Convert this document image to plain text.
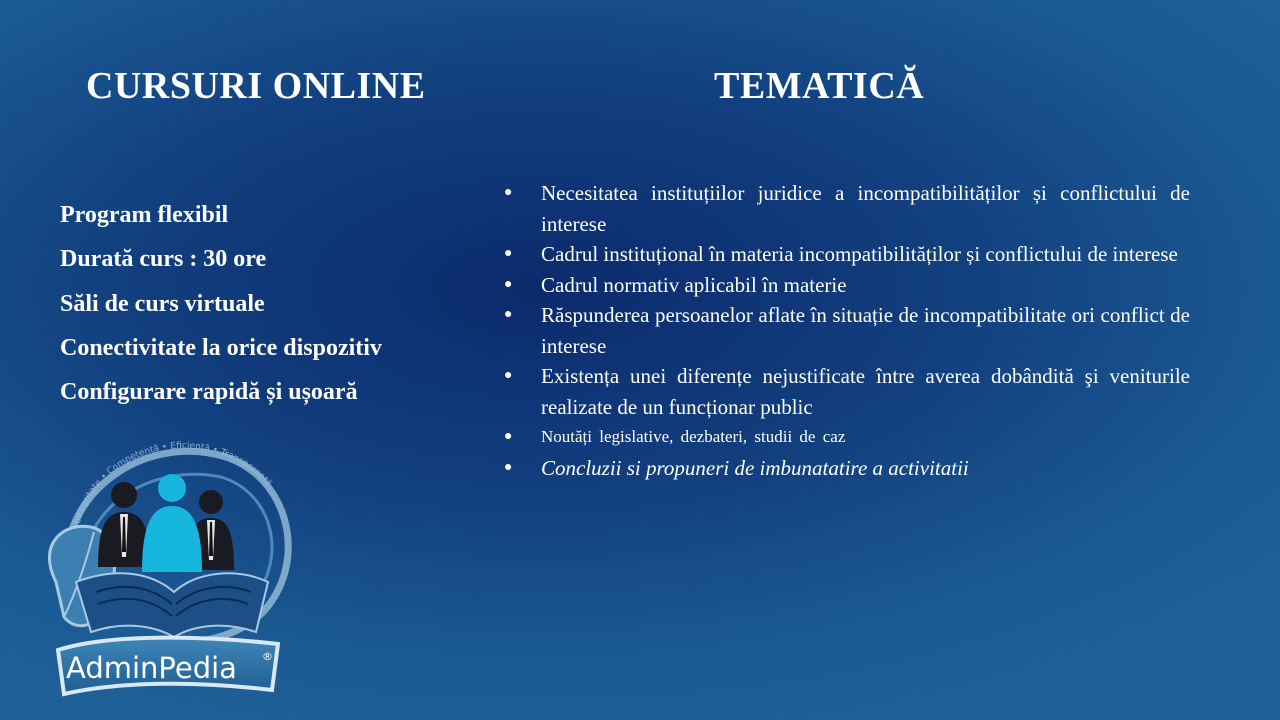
CURSURI ONLINE	TEMATICĂ
Program flexibil
Durată curs : 30 ore
Săli de curs virtuale
Conectivitate la orice dispozitiv
Configurare rapidă și ușoară
● Necesitatea instituțiilor juridice a incompatibilităților și conflictului de interese
● Cadrul instituțional în materia incompatibilităților și conflictului de interese
● Cadrul normativ aplicabil în materie
● Răspunderea persoanelor aflate în situație de incompatibilitate ori conflict de interese
● Existența unei diferențe nejustificate între averea dobândită şi veniturile realizate de un funcționar public
● Noutăți legislative, dezbateri, studii de caz
● Concluzii si propuneri de imbunatatire a activitatii
Integritate • Competență • Eficiență • Transparență
AdminPedia ®
